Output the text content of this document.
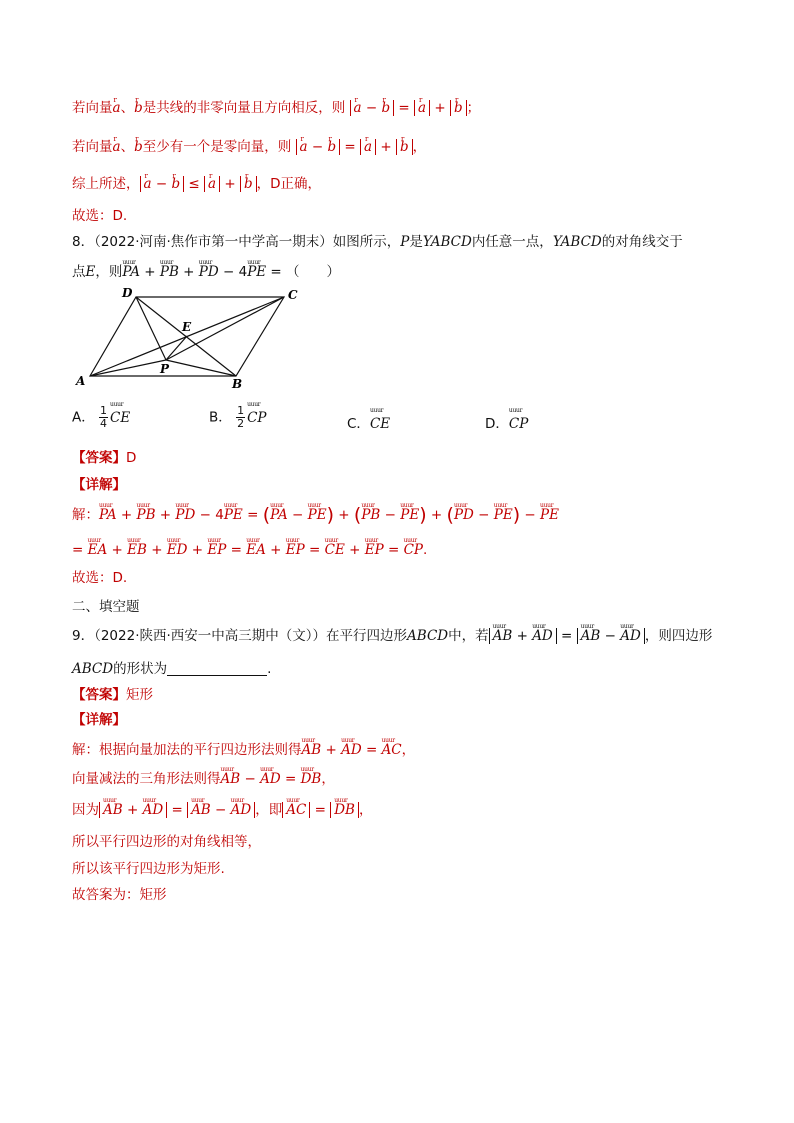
若向量r a、r b是共线的非零向量且方向相反，则 r a − r b = r a + r b ；
若向量r a、r b至少有一个是零向量，则 r a − r b = r a + r b ，
综上所述， r a − r b ≤ r a + r b ，D正确，
故选：D.
8．（2022·河南·焦作市第一中学高一期末）如图所示，P是YABCD内任意一点，YABCD的对角线交于
点E，则uuur PA + uuur PB + uuur PD − 4uuur PE = （　　）
A	B
C
D
E
P
A． $\frac{1}{4}$ uuur CE	B． $\frac{1}{2}$ uuur CP	C．uuur CE	D．uuur CP
【答案】D
【详解】
解：uuur PA + uuur PB + uuur PD − 4uuur PE = (uuur PA − uuur PE) + (uuur PB − uuur PE) + (uuur PD − uuur PE) − uuur PE
= uuur EA + uuur EB + uuur ED + uuur EP = uuur EA + uuur EP = uuur CE + uuur EP = uuur CP.
故选：D.
二、填空题
9．（2022·陕西·西安一中高三期中（文））在平行四边形ABCD中，若 uuur AB + uuur AD = uuur AB − uuur AD ，则四边形
ABCD的形状为	.
【答案】矩形
【详解】
解：根据向量加法的平行四边形法则得uuur AB + uuur AD = uuur AC，
向量减法的三角形法则得uuur AB − uuur AD = uuur DB，
因为 uuur AB + uuur AD = uuur AB − uuur AD ，即 uuur AC = uuur DB ，
所以平行四边形的对角线相等，
所以该平行四边形为矩形.
故答案为：矩形
